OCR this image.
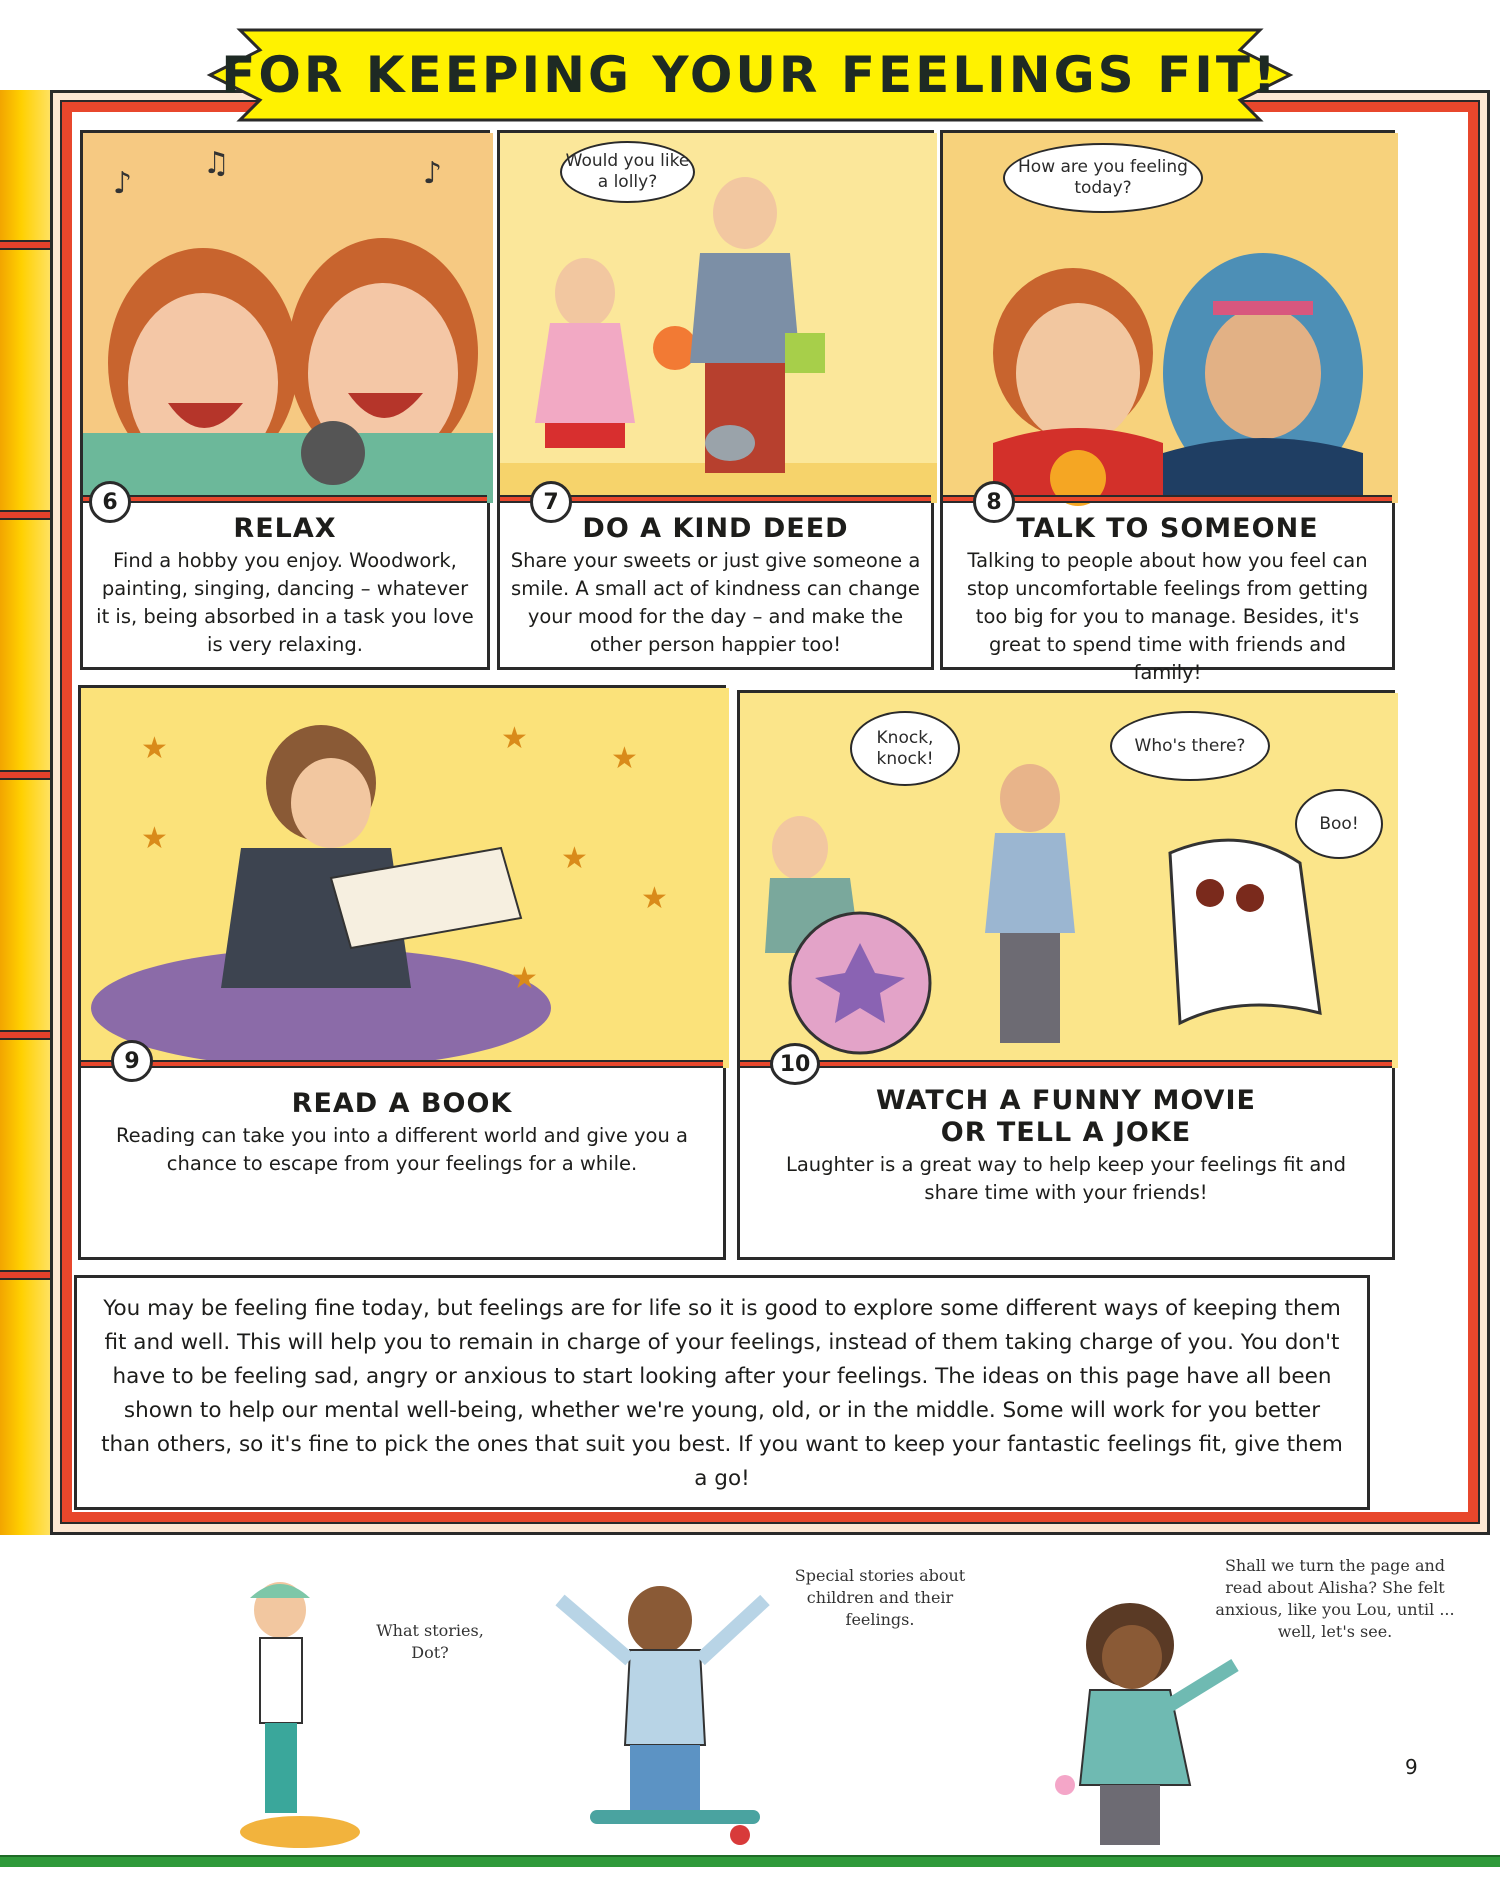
FOR KEEPING YOUR FEELINGS FIT!
♪
♫	♪
6
RELAX
Find a hobby you enjoy. Woodwork, painting, singing, dancing – whatever it is, being absorbed in a task you love is very relaxing.
Would you like a lolly?
7
DO A KIND DEED
Share your sweets or just give someone a smile. A small act of kindness can change your mood for the day – and make the other person happier too!
How are you feeling today?
8
TALK TO SOMEONE
Talking to people about how you feel can stop uncomfortable feelings from getting too big for you to manage. Besides, it's great to spend time with friends and family!
★	★
★
★
★
★
★
9
READ A BOOK
Reading can take you into a different world and give you a chance to escape from your feelings for a while.
Knock, knock!
Who's there?
Boo!
10
WATCH A FUNNY MOVIE OR TELL A JOKE
Laughter is a great way to help keep your feelings fit and share time with your friends!
You may be feeling fine today, but feelings are for life so it is good to explore some different ways of keeping them fit and well. This will help you to remain in charge of your feelings, instead of them taking charge of you. You don't have to be feeling sad, angry or anxious to start looking after your feelings. The ideas on this page have all been shown to help our mental well-being, whether we're young, old, or in the middle. Some will work for you better than others, so it's fine to pick the ones that suit you best. If you want to keep your fantastic feelings fit, give them a go!
What stories, Dot?
Special stories about children and their feelings.
Shall we turn the page and read about Alisha? She felt anxious, like you Lou, until ... well, let's see.
9
